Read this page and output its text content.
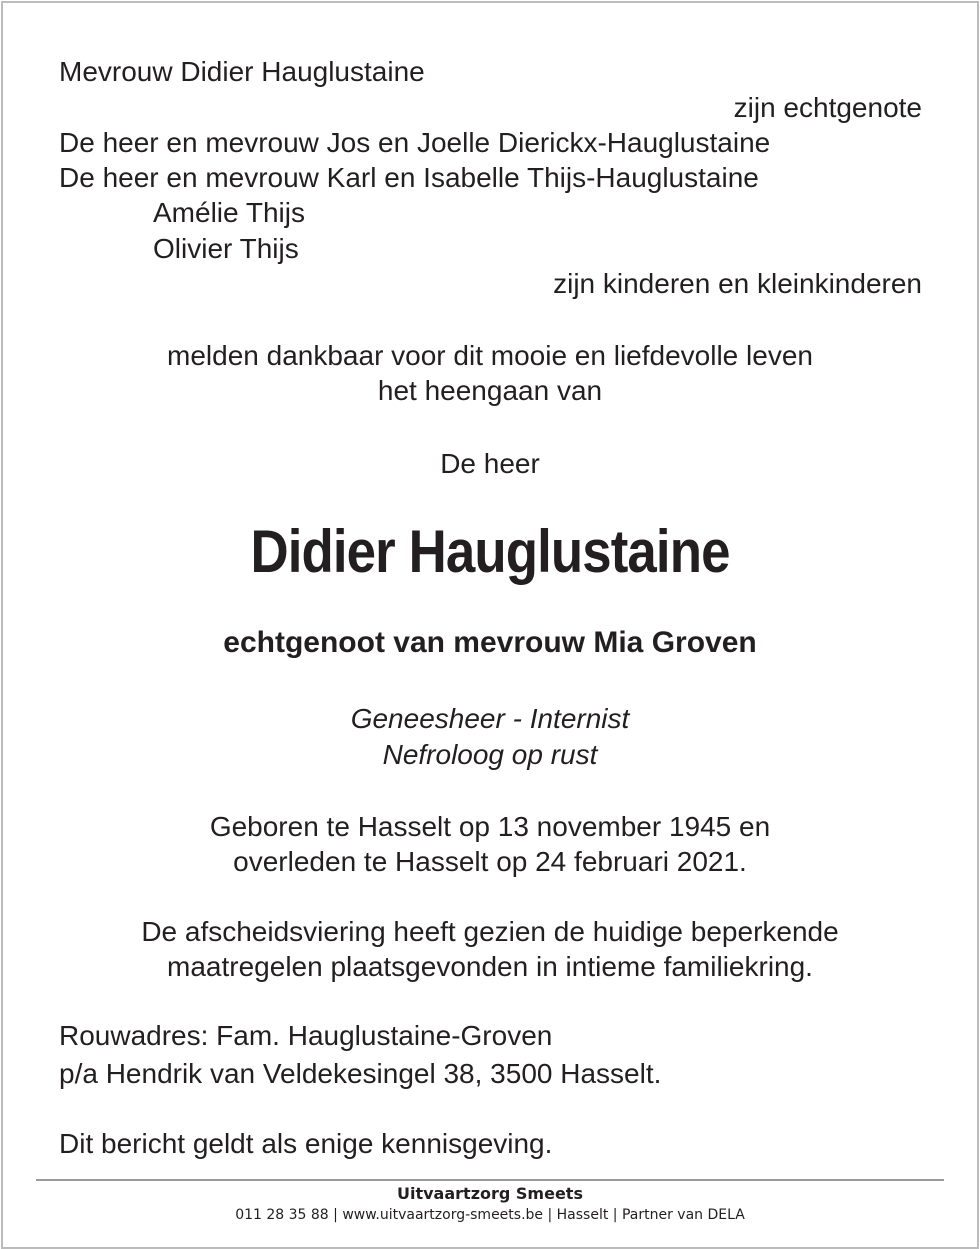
Mevrouw Didier Hauglustaine
zijn echtgenote
De heer en mevrouw Jos en Joelle Dierickx-Hauglustaine
De heer en mevrouw Karl en Isabelle Thijs-Hauglustaine
Amélie Thijs
Olivier Thijs
zijn kinderen en kleinkinderen
melden dankbaar voor dit mooie en liefdevolle leven
het heengaan van
De heer
Didier Hauglustaine
echtgenoot van mevrouw Mia Groven
Geneesheer - Internist
Nefroloog op rust
Geboren te Hasselt op 13 november 1945 en
overleden te Hasselt op 24 februari 2021.
De afscheidsviering heeft gezien de huidige beperkende
maatregelen plaatsgevonden in intieme familiekring.
Rouwadres: Fam. Hauglustaine-Groven
p/a Hendrik van Veldekesingel 38, 3500 Hasselt.
Dit bericht geldt als enige kennisgeving.
Uitvaartzorg Smeets
011 28 35 88 | www.uitvaartzorg-smeets.be | Hasselt | Partner van DELA
